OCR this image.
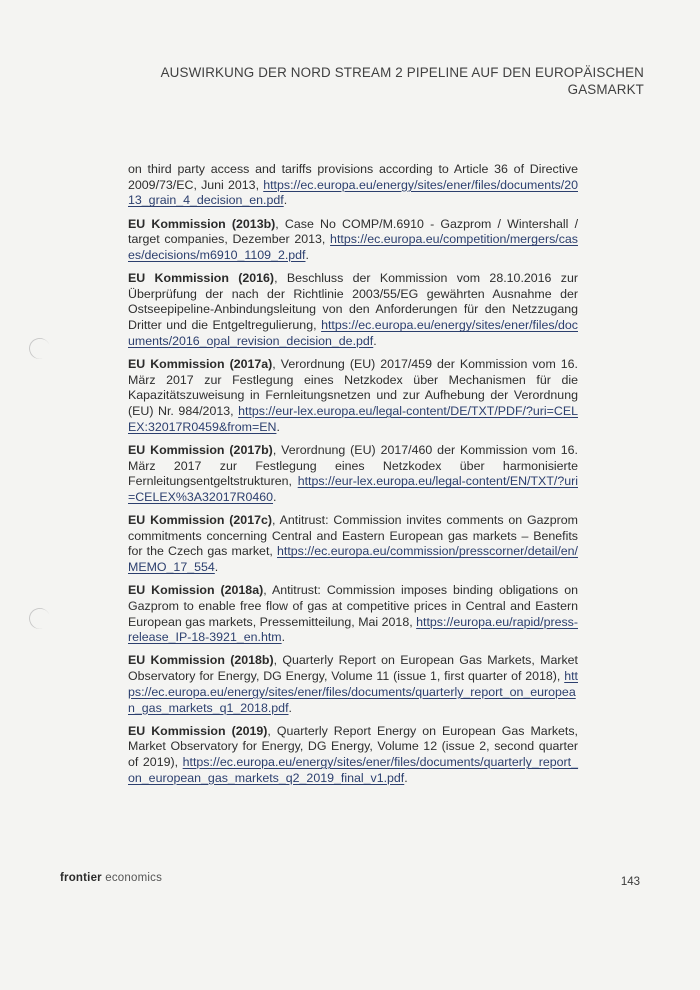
AUSWIRKUNG DER NORD STREAM 2 PIPELINE AUF DEN EUROPÄISCHEN GASMARKT

on third party access and tariffs provisions according to Article 36 of Directive 2009/73/EC, Juni 2013, https://ec.europa.eu/energy/sites/ener/files/documents/2013_grain_4_decision_en.pdf.

EU Kommission (2013b), Case No COMP/M.6910 - Gazprom / Wintershall / target companies, Dezember 2013, https://ec.europa.eu/competition/mergers/cases/decisions/m6910_1109_2.pdf.

EU Kommission (2016), Beschluss der Kommission vom 28.10.2016 zur Überprüfung der nach der Richtlinie 2003/55/EG gewährten Ausnahme der Ostseepipeline-Anbindungsleitung von den Anforderungen für den Netzzugang Dritter und die Entgeltregulierung, https://ec.europa.eu/energy/sites/ener/files/documents/2016_opal_revision_decision_de.pdf.

EU Kommission (2017a), Verordnung (EU) 2017/459 der Kommission vom 16. März 2017 zur Festlegung eines Netzkodex über Mechanismen für die Kapazitätszuweisung in Fernleitungsnetzen und zur Aufhebung der Verordnung (EU) Nr. 984/2013, https://eur-lex.europa.eu/legal-content/DE/TXT/PDF/?uri=CELEX:32017R0459&from=EN.

EU Kommission (2017b), Verordnung (EU) 2017/460 der Kommission vom 16. März 2017 zur Festlegung eines Netzkodex über harmonisierte Fernleitungsentgeltstrukturen, https://eur-lex.europa.eu/legal-content/EN/TXT/?uri=CELEX%3A32017R0460.

EU Kommission (2017c), Antitrust: Commission invites comments on Gazprom commitments concerning Central and Eastern European gas markets – Benefits for the Czech gas market, https://ec.europa.eu/commission/presscorner/detail/en/MEMO_17_554.

EU Komission (2018a), Antitrust: Commission imposes binding obligations on Gazprom to enable free flow of gas at competitive prices in Central and Eastern European gas markets, Pressemitteilung, Mai 2018, https://europa.eu/rapid/press-release_IP-18-3921_en.htm.

EU Kommission (2018b), Quarterly Report on European Gas Markets, Market Observatory for Energy, DG Energy, Volume 11 (issue 1, first quarter of 2018), https://ec.europa.eu/energy/sites/ener/files/documents/quarterly_report_on_european_gas_markets_q1_2018.pdf.

EU Kommission (2019), Quarterly Report Energy on European Gas Markets, Market Observatory for Energy, DG Energy, Volume 12 (issue 2, second quarter of 2019), https://ec.europa.eu/energy/sites/ener/files/documents/quarterly_report_on_european_gas_markets_q2_2019_final_v1.pdf.

frontier economics	143
